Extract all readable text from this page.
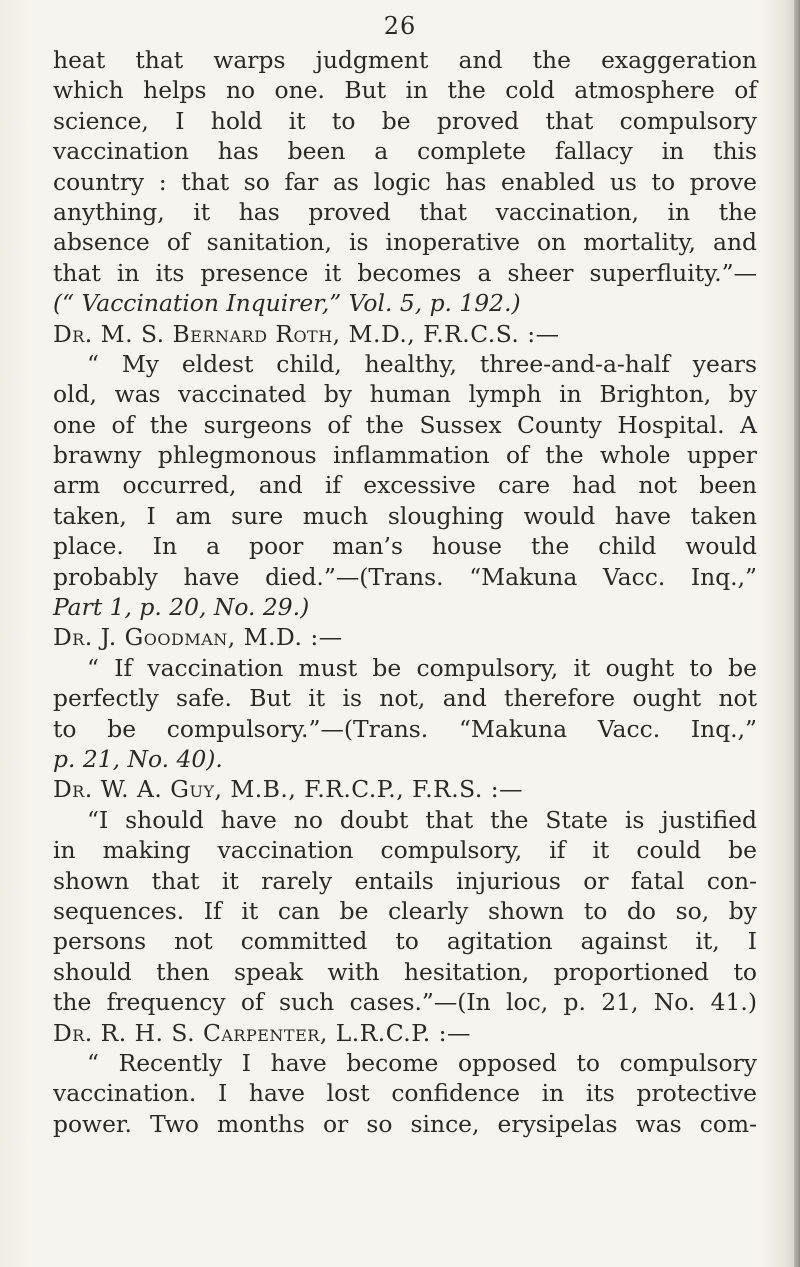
26
heat that warps judgment and the exaggeration
which helps no one. But in the cold atmosphere of
science, I hold it to be proved that compulsory
vaccination has been a complete fallacy in this
country : that so far as logic has enabled us to prove
anything, it has proved that vaccination, in the
absence of sanitation, is inoperative on mortality, and
that in its presence it becomes a sheer superfluity.”—
(“ Vaccination Inquirer,” Vol. 5, p. 192.)
Dr. M. S. Bernard Roth, M.D., F.R.C.S. :—
“ My eldest child, healthy, three-and-a-half years
old, was vaccinated by human lymph in Brighton, by
one of the surgeons of the Sussex County Hospital. A
brawny phlegmonous inflammation of the whole upper
arm occurred, and if excessive care had not been
taken, I am sure much sloughing would have taken
place. In a poor man’s house the child would
probably have died.”—(Trans. “Makuna Vacc. Inq.,”
Part 1, p. 20, No. 29.)
Dr. J. Goodman, M.D. :—
“ If vaccination must be compulsory, it ought to be
perfectly safe. But it is not, and therefore ought not
to be compulsory.”—(Trans. “Makuna Vacc. Inq.,”
p. 21, No. 40).
Dr. W. A. Guy, M.B., F.R.C.P., F.R.S. :—
“I should have no doubt that the State is justified
in making vaccination compulsory, if it could be
shown that it rarely entails injurious or fatal con-
sequences. If it can be clearly shown to do so, by
persons not committed to agitation against it, I
should then speak with hesitation, proportioned to
the frequency of such cases.”—(In loc, p. 21, No. 41.)
Dr. R. H. S. Carpenter, L.R.C.P. :—
“ Recently I have become opposed to compulsory
vaccination. I have lost confidence in its protective
power. Two months or so since, erysipelas was com-
